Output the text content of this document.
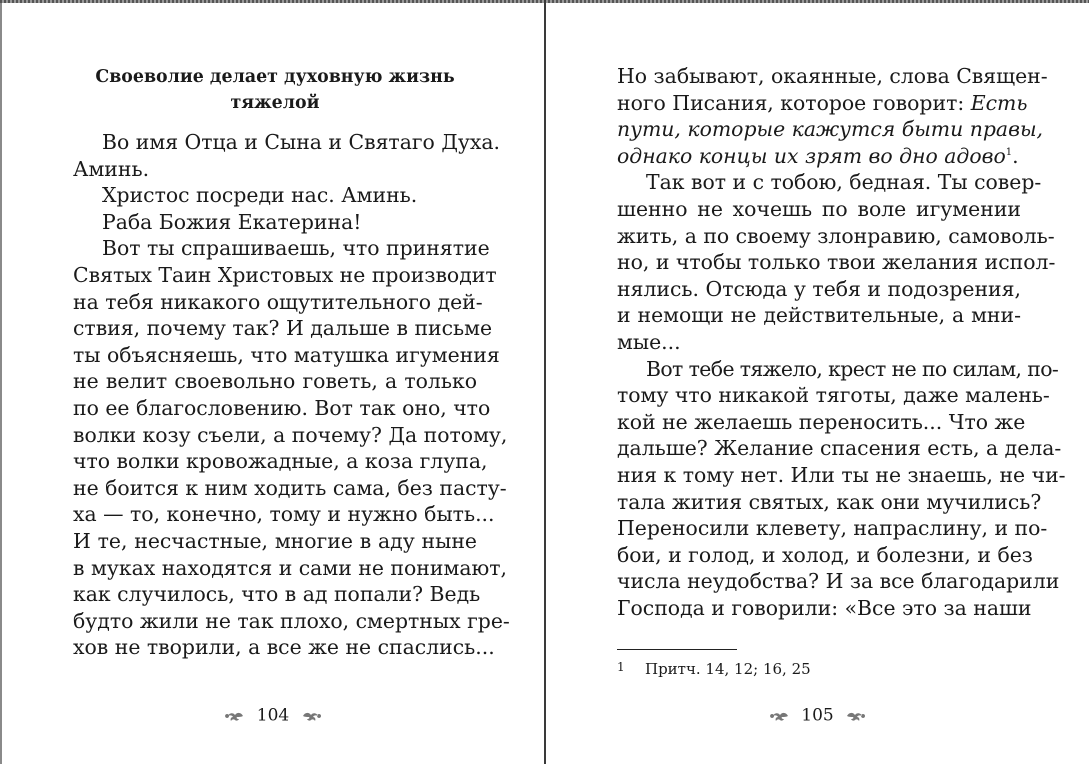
Своеволие делает духовную жизнь
тяжелой
Во имя Отца и Сына и Святаго Духа.
Аминь.
Христос посреди нас. Аминь.
Раба Божия Екатерина!
Вот ты спрашиваешь, что принятие
Святых Таин Христовых не производит
на тебя никакого ощутительного дей-
ствия, почему так? И дальше в письме
ты объясняешь, что матушка игумения
не велит своевольно говеть, а только
по ее благословению. Вот так оно, что
волки козу съели, а почему? Да потому,
что волки кровожадные, а коза глупа,
не боится к ним ходить сама, без пасту-
ха — то, конечно, тому и нужно быть...
И те, несчастные, многие в аду ныне
в муках находятся и сами не понимают,
как случилось, что в ад попали? Ведь
будто жили не так плохо, смертных гре-
хов не творили, а все же не спаслись...
104
Но забывают, окаянные, слова Священ-
ного Писания, которое говорит: Есть
пути, которые кажутся быти правы,
однако концы их зрят во дно адово$^1$.
Так вот и с тобою, бедная. Ты совер-
шенно не хочешь по воле игумении
жить, а по своему злонравию, самоволь-
но, и чтобы только твои желания испол-
нялись. Отсюда у тебя и подозрения,
и немощи не действительные, а мни-
мые...
Вот тебе тяжело, крест не по силам, по-
тому что никакой тяготы, даже малень-
кой не желаешь переносить... Что же
дальше? Желание спасения есть, а дела-
ния к тому нет. Или ты не знаешь, не чи-
тала жития святых, как они мучились?
Переносили клевету, напраслину, и по-
бои, и голод, и холод, и болезни, и без
числа неудобства? И за все благодарили
Господа и говорили: «Все это за наши
1 Притч. 14, 12; 16, 25
105
